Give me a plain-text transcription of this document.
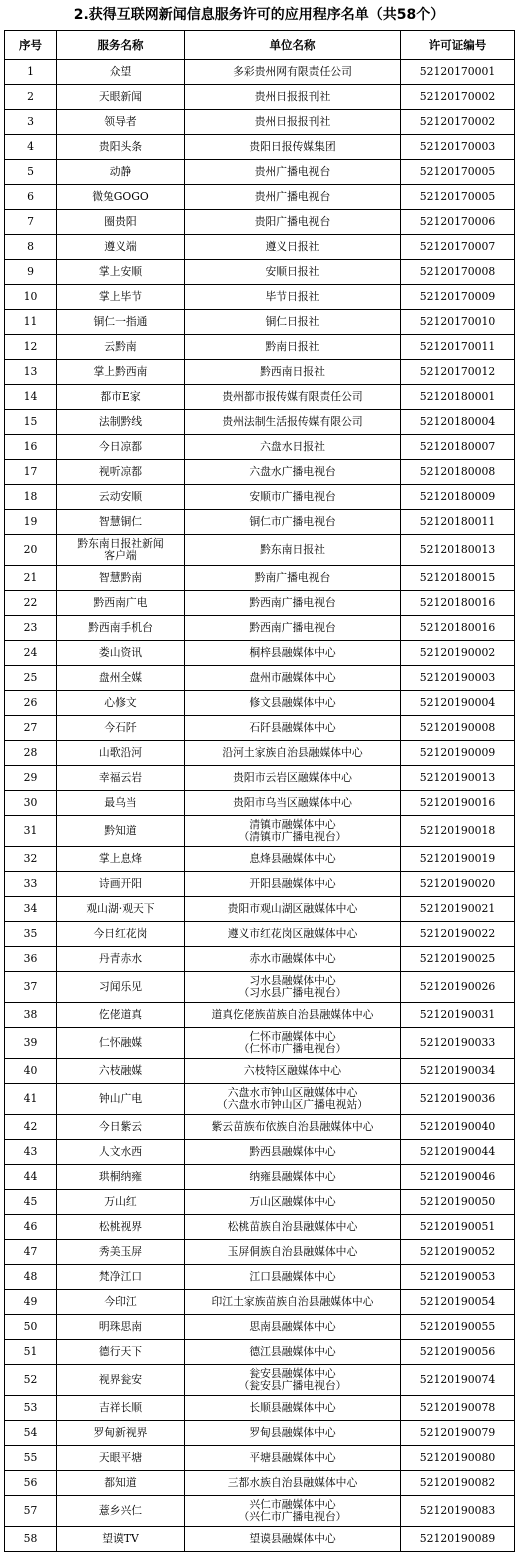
2.获得互联网新闻信息服务许可的应用程序名单（共58个）
序号	服务名称	单位名称	许可证编号

1	众望	多彩贵州网有限责任公司	52120170001

2	天眼新闻	贵州日报报刊社	52120170002

3	领导者	贵州日报报刊社	52120170002

4	贵阳头条	贵阳日报传媒集团	52120170003

5	动静	贵州广播电视台	52120170005

6	微兔GOGO	贵州广播电视台	52120170005

7	圈贵阳	贵阳广播电视台	52120170006

8	遵义端	遵义日报社	52120170007

9	掌上安顺	安顺日报社	52120170008

10	掌上毕节	毕节日报社	52120170009

11	铜仁一指通	铜仁日报社	52120170010

12	云黔南	黔南日报社	52120170011

13	掌上黔西南	黔西南日报社	52120170012

14	都市E家	贵州都市报传媒有限责任公司	52120180001

15	法制黔线	贵州法制生活报传媒有限公司	52120180004

16	今日凉都	六盘水日报社	52120180007

17	视听凉都	六盘水广播电视台	52120180008

18	云动安顺	安顺市广播电视台	52120180009

19	智慧铜仁	铜仁市广播电视台	52120180011

20	黔东南日报社新闻
客户端	黔东南日报社	52120180013

21	智慧黔南	黔南广播电视台	52120180015

22	黔西南广电	黔西南广播电视台	52120180016

23	黔西南手机台	黔西南广播电视台	52120180016

24	娄山资讯	桐梓县融媒体中心	52120190002

25	盘州全媒	盘州市融媒体中心	52120190003

26	心修文	修文县融媒体中心	52120190004

27	今石阡	石阡县融媒体中心	52120190008

28	山歌沿河	沿河土家族自治县融媒体中心	52120190009

29	幸福云岩	贵阳市云岩区融媒体中心	52120190013

30	最乌当	贵阳市乌当区融媒体中心	52120190016

31	黔知道	清镇市融媒体中心
（清镇市广播电视台）	52120190018

32	掌上息烽	息烽县融媒体中心	52120190019

33	诗画开阳	开阳县融媒体中心	52120190020

34	观山湖·观天下	贵阳市观山湖区融媒体中心	52120190021

35	今日红花岗	遵义市红花岗区融媒体中心	52120190022

36	丹青赤水	赤水市融媒体中心	52120190025

37	习闻乐见	习水县融媒体中心
（习水县广播电视台）	52120190026

38	仡佬道真	道真仡佬族苗族自治县融媒体中心	52120190031

39	仁怀融媒	仁怀市融媒体中心
（仁怀市广播电视台）	52120190033

40	六枝融媒	六枝特区融媒体中心	52120190034

41	钟山广电	六盘水市钟山区融媒体中心
（六盘水市钟山区广播电视站）	52120190036

42	今日紫云	紫云苗族布依族自治县融媒体中心	52120190040

43	人文水西	黔西县融媒体中心	52120190044

44	珙桐纳雍	纳雍县融媒体中心	52120190046

45	万山红	万山区融媒体中心	52120190050

46	松桃视界	松桃苗族自治县融媒体中心	52120190051

47	秀美玉屏	玉屏侗族自治县融媒体中心	52120190052

48	梵净江口	江口县融媒体中心	52120190053

49	今印江	印江土家族苗族自治县融媒体中心	52120190054

50	明珠思南	思南县融媒体中心	52120190055

51	德行天下	德江县融媒体中心	52120190056

52	视界瓮安	瓮安县融媒体中心
（瓮安县广播电视台）	52120190074

53	吉祥长顺	长顺县融媒体中心	52120190078

54	罗甸新视界	罗甸县融媒体中心	52120190079

55	天眼平塘	平塘县融媒体中心	52120190080

56	都知道	三都水族自治县融媒体中心	52120190082

57	薏乡兴仁	兴仁市融媒体中心
（兴仁市广播电视台）	52120190083

58	望谟TV	望谟县融媒体中心	52120190089
